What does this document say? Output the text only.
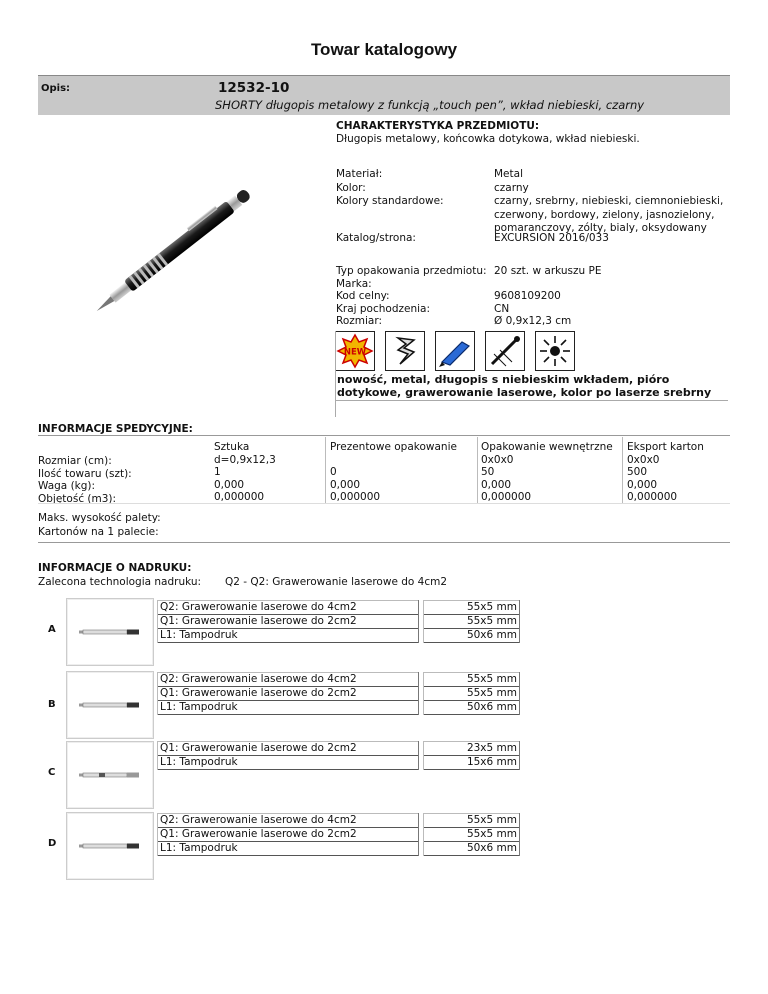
Towar katalogowy
Opis:	12532-10
SHORTY długopis metalowy z funkcją „touch pen”, wkład niebieski, czarny
CHARAKTERYSTYKA PRZEDMIOTU:
Długopis metalowy, końcowka dotykowa, wkład niebieski.
Materiał:
Kolor:
Kolory standardowe:
Katalog/strona:
Metal
czarny
czarny, srebrny, niebieski, ciemnoniebieski, czerwony, bordowy, zielony, jasnozielony, pomaranczovy, zólty, bialy, oksydowany
EXCURSION 2016/033
Typ opakowania przedmiotu:
Marka:
Kod celny:
Kraj pochodzenia:
Rozmiar:
20 szt. w arkuszu PE
9608109200
CN
Ø 0,9x12,3 cm
NEW
nowość, metal, długopis s niebieskim wkładem, pióro dotykowe, grawerowanie laserowe, kolor po laserze srebrny
INFORMACJE SPEDYCYJNE:
Rozmiar (cm):
Ilość towaru (szt):
Waga (kg):
Objętość (m3):
Sztuka
d=0,9x12,3
1
0,000
0,000000
Prezentowe opakowanie
0
0,000
0,000000
Opakowanie wewnętrzne
0x0x0
50
0,000
0,000000
Eksport karton
0x0x0
500
0,000
0,000000
Maks. wysokość palety:
Kartonów na 1 palecie:
INFORMACJE O NADRUKU:
Zalecona technologia nadruku: Q2 - Q2: Grawerowanie laserowe do 4cm2
A
Q2: Grawerowanie laserowe do 4cm2
Q1: Grawerowanie laserowe do 2cm2
L1: Tampodruk
55x5 mm
55x5 mm
50x6 mm
B
Q2: Grawerowanie laserowe do 4cm2
Q1: Grawerowanie laserowe do 2cm2
L1: Tampodruk
55x5 mm
55x5 mm
50x6 mm
C
Q1: Grawerowanie laserowe do 2cm2
L1: Tampodruk
23x5 mm
15x6 mm
D
Q2: Grawerowanie laserowe do 4cm2
Q1: Grawerowanie laserowe do 2cm2
L1: Tampodruk
55x5 mm
55x5 mm
50x6 mm
